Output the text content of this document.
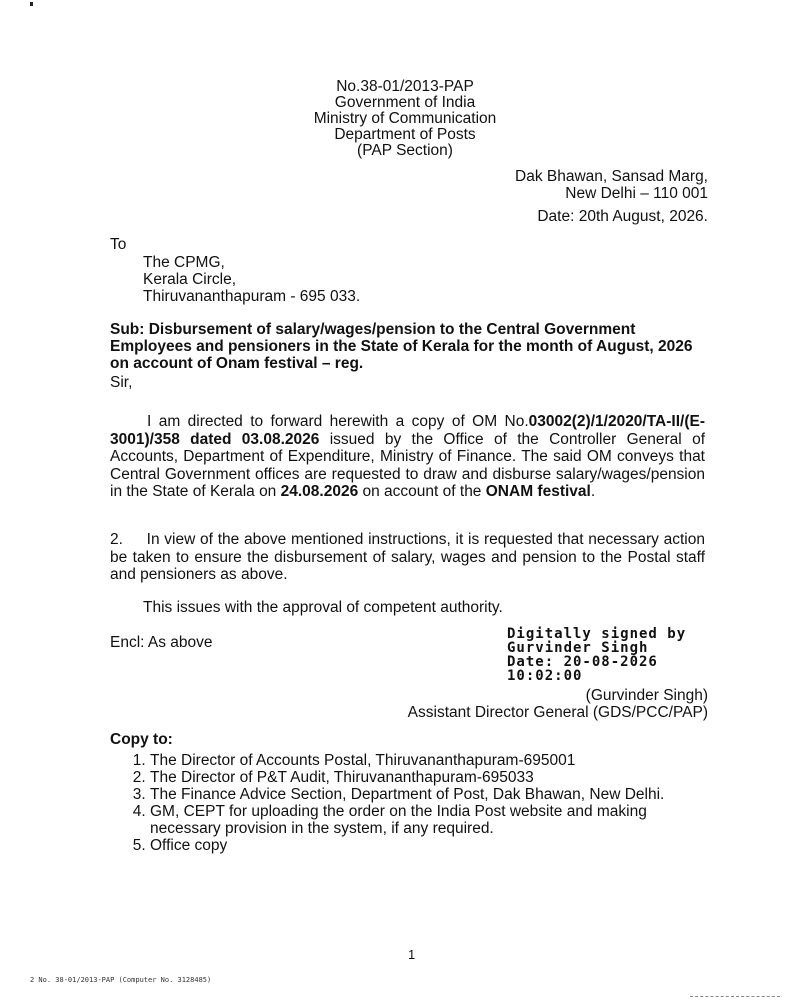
No.38-01/2013-PAP
Government of India
Ministry of Communication
Department of Posts
(PAP Section)
Dak Bhawan, Sansad Marg,
New Delhi – 110 001
Date: 20th August, 2026.
To
The CPMG,
Kerala Circle,
Thiruvananthapuram - 695 033.
Sub: Disbursement of salary/wages/pension to the Central Government Employees and pensioners in the State of Kerala for the month of August, 2026 on account of Onam festival – reg.
Sir,
I am directed to forward herewith a copy of OM No.03002(2)/1/2020/TA-II/(E-3001)/358 dated 03.08.2026 issued by the Office of the Controller General of Accounts, Department of Expenditure, Ministry of Finance. The said OM conveys that Central Government offices are requested to draw and disburse salary/wages/pension in the State of Kerala on 24.08.2026 on account of the ONAM festival.
2.     In view of the above mentioned instructions, it is requested that necessary action be taken to ensure the disbursement of salary, wages and pension to the Postal staff and pensioners as above.
This issues with the approval of competent authority.
Encl: As above	Digitally signed by
Gurvinder Singh
Date: 20-08-2026
10:02:00
(Gurvinder Singh)
Assistant Director General (GDS/PCC/PAP)
Copy to:
1. The Director of Accounts Postal, Thiruvananthapuram-695001
2. The Director of P&T Audit, Thiruvananthapuram-695033
3. The Finance Advice Section, Department of Post, Dak Bhawan, New Delhi.
4. GM, CEPT for uploading the order on the India Post website and making necessary provision in the system, if any required.
5. Office copy
1
2 No. 38-01/2013-PAP (Computer No. 3128485)
